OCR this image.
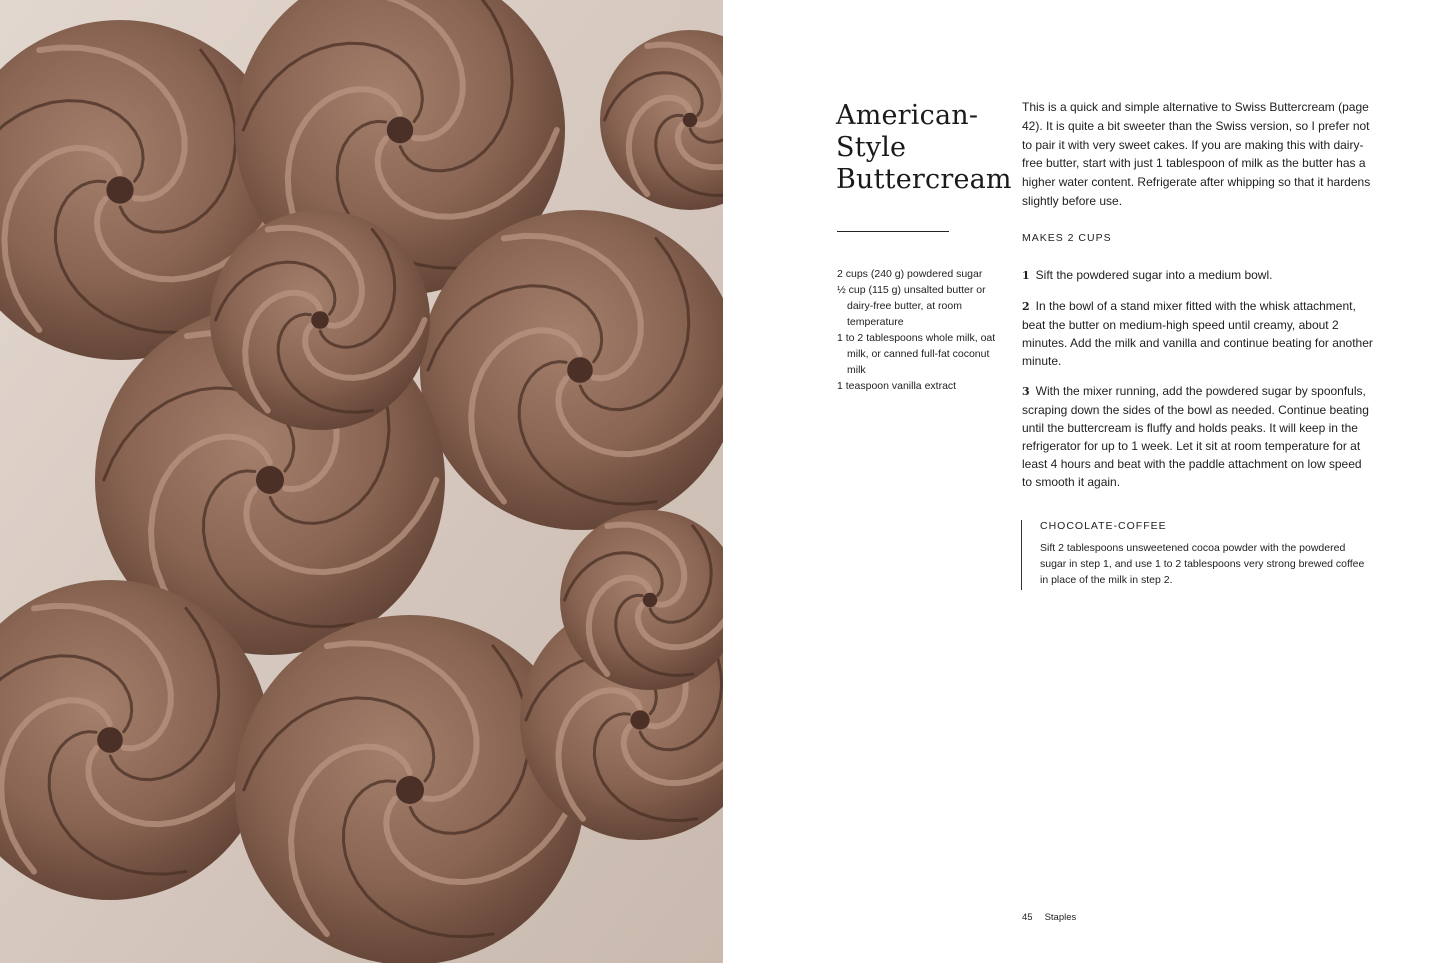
American-
Style
Buttercream

This is a quick and simple alternative to Swiss Buttercream (page 42). It is quite a bit sweeter than the Swiss version, so I prefer not to pair it with very sweet cakes. If you are making this with dairy-free butter, start with just 1 tablespoon of milk as the butter has a higher water content. Refrigerate after whipping so that it hardens slightly before use.

MAKES 2 CUPS
2 cups (240 g) powdered sugar
½ cup (115 g) unsalted butter or dairy-free butter, at room temperature
1 to 2 tablespoons whole milk, oat milk, or canned full-fat coconut milk
1 teaspoon vanilla extract
1 Sift the powdered sugar into a medium bowl.
2 In the bowl of a stand mixer fitted with the whisk attachment, beat the butter on medium-high speed until creamy, about 2 minutes. Add the milk and vanilla and continue beating for another minute.
3 With the mixer running, add the powdered sugar by spoonfuls, scraping down the sides of the bowl as needed. Continue beating until the buttercream is fluffy and holds peaks. It will keep in the refrigerator for up to 1 week. Let it sit at room temperature for at least 4 hours and beat with the paddle attachment on low speed to smooth it again.
CHOCOLATE-COFFEE
Sift 2 tablespoons unsweetened cocoa powder with the powdered sugar in step 1, and use 1 to 2 tablespoons very strong brewed coffee in place of the milk in step 2.
45 Staples
